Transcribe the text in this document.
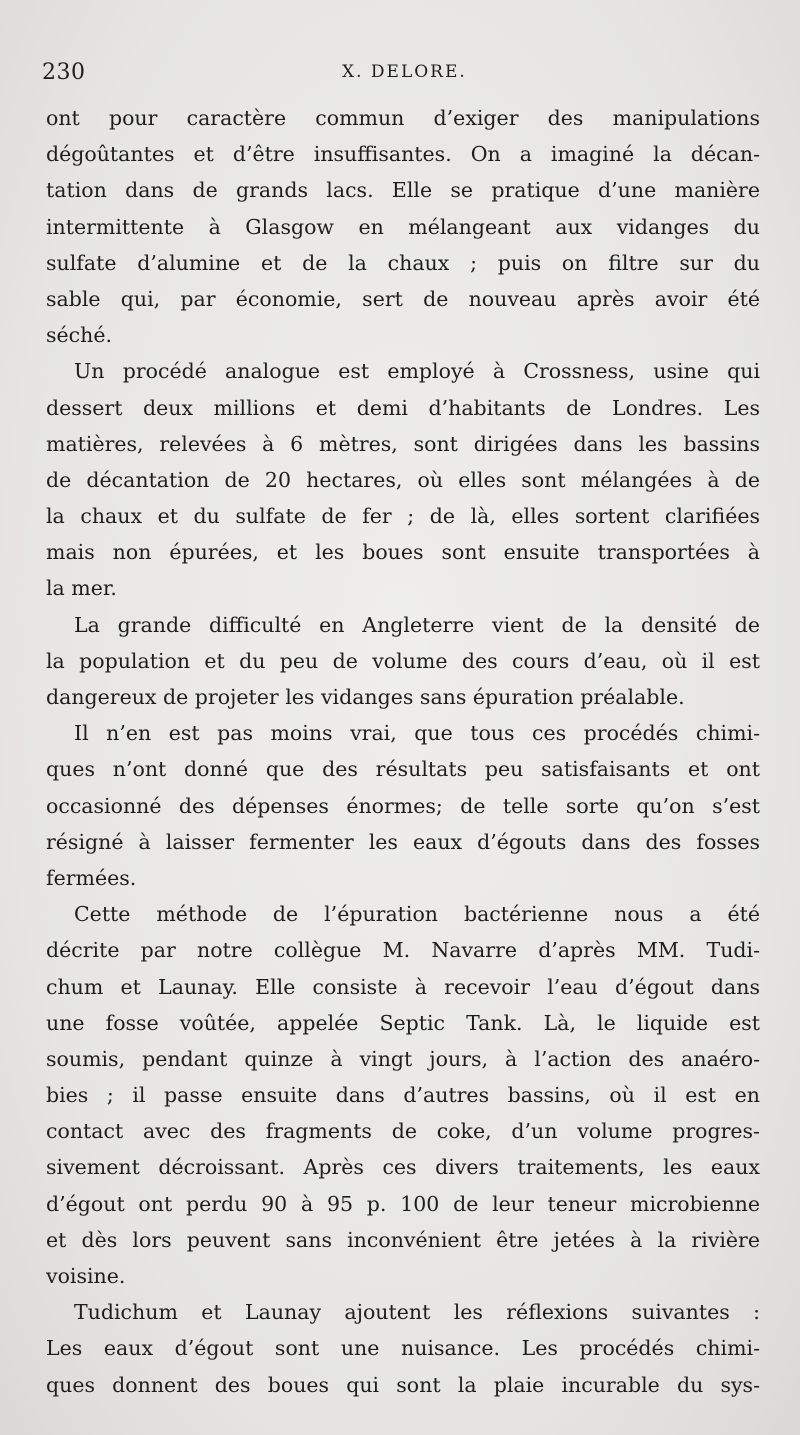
230	X. DELORE.
ont pour caractère commun d’exiger des manipulations
dégoûtantes et d’être insuffisantes. On a imaginé la décan-
tation dans de grands lacs. Elle se pratique d’une manière
intermittente à Glasgow en mélangeant aux vidanges du
sulfate d’alumine et de la chaux ; puis on filtre sur du
sable qui, par économie, sert de nouveau après avoir été
séché.
Un procédé analogue est employé à Crossness, usine qui
dessert deux millions et demi d’habitants de Londres. Les
matières, relevées à 6 mètres, sont dirigées dans les bassins
de décantation de 20 hectares, où elles sont mélangées à de
la chaux et du sulfate de fer ; de là, elles sortent clarifiées
mais non épurées, et les boues sont ensuite transportées à
la mer.
La grande difficulté en Angleterre vient de la densité de
la population et du peu de volume des cours d’eau, où il est
dangereux de projeter les vidanges sans épuration préalable.
Il n’en est pas moins vrai, que tous ces procédés chimi-
ques n’ont donné que des résultats peu satisfaisants et ont
occasionné des dépenses énormes; de telle sorte qu’on s’est
résigné à laisser fermenter les eaux d’égouts dans des fosses
fermées.
Cette méthode de l’épuration bactérienne nous a été
décrite par notre collègue M. Navarre d’après MM. Tudi-
chum et Launay. Elle consiste à recevoir l’eau d’égout dans
une fosse voûtée, appelée Septic Tank. Là, le liquide est
soumis, pendant quinze à vingt jours, à l’action des anaéro-
bies ; il passe ensuite dans d’autres bassins, où il est en
contact avec des fragments de coke, d’un volume progres-
sivement décroissant. Après ces divers traitements, les eaux
d’égout ont perdu 90 à 95 p. 100 de leur teneur microbienne
et dès lors peuvent sans inconvénient être jetées à la rivière
voisine.
Tudichum et Launay ajoutent les réflexions suivantes :
Les eaux d’égout sont une nuisance. Les procédés chimi-
ques donnent des boues qui sont la plaie incurable du sys-
